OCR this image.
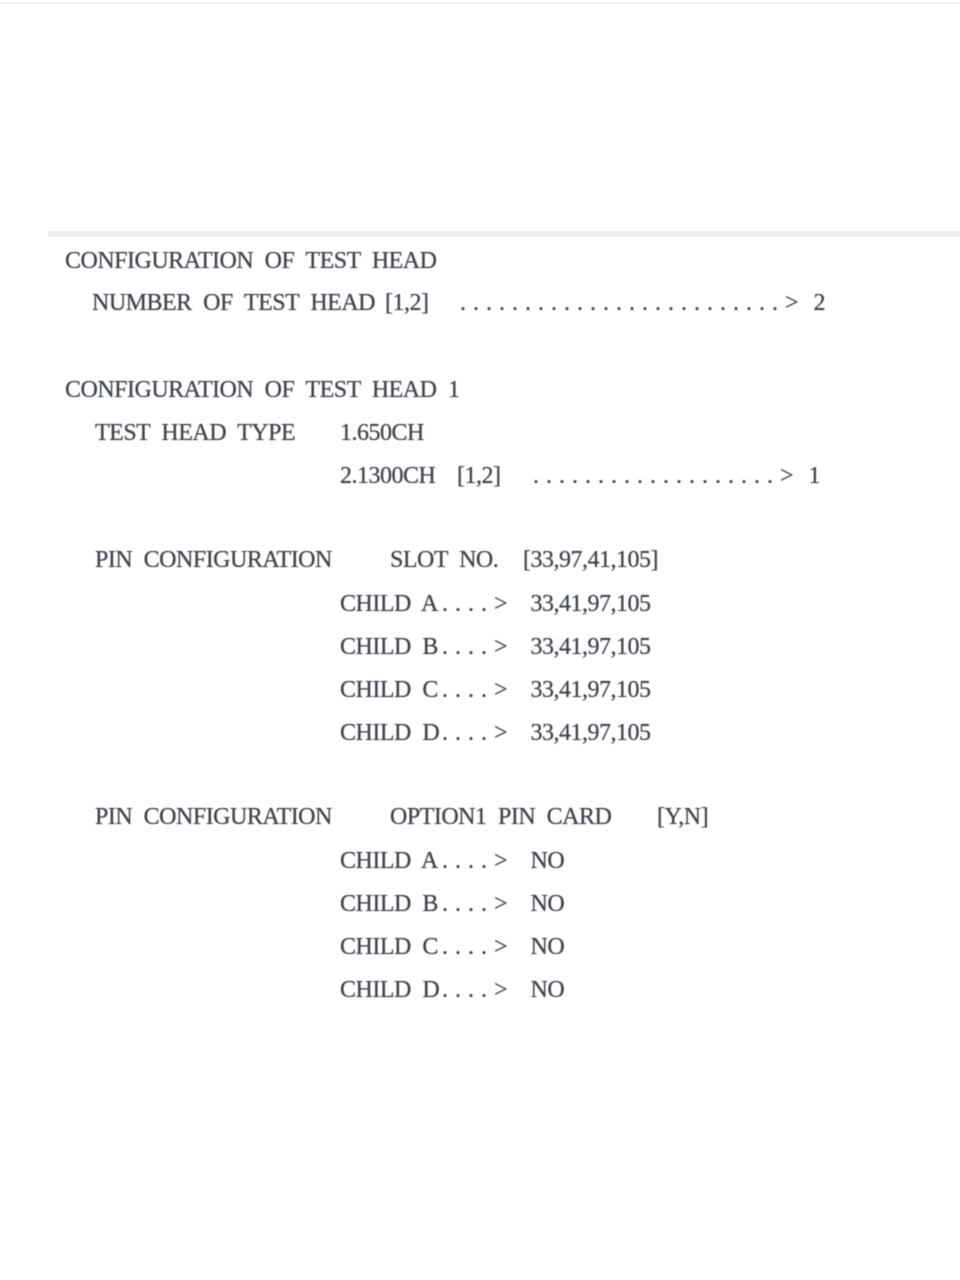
CONFIGURATION OF TEST HEAD

NUMBER OF TEST HEAD

[1,2]

.........................> 2

CONFIGURATION OF TEST HEAD 1

TEST HEAD TYPE

1.650CH

2.1300CH

[1,2]

...................> 1

PIN CONFIGURATION

SLOT NO.

[33,97,41,105]

CHILD A

....> 33,41,97,105

CHILD B

....> 33,41,97,105

CHILD C

....> 33,41,97,105

CHILD D

....> 33,41,97,105

PIN CONFIGURATION

OPTION1 PIN CARD

[Y,N]

CHILD A

....> NO

CHILD B

....> NO

CHILD C

....> NO

CHILD D

....> NO
